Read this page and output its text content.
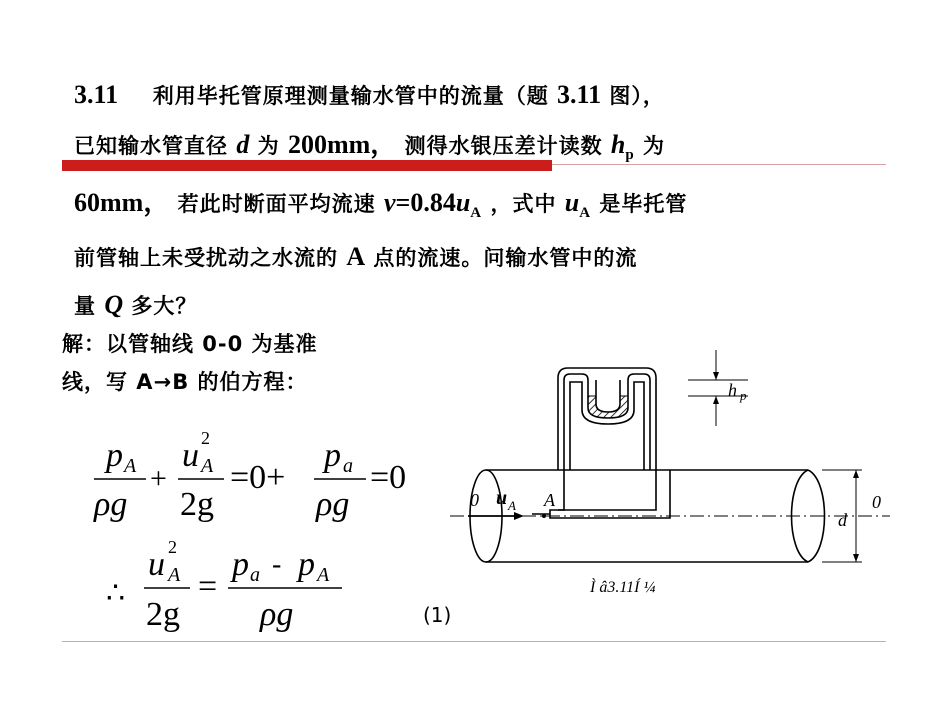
3.11 利用毕托管原理测量输水管中的流量（题 3.11 图），
已知输水管直径 d 为 200mm， 测得水银压差计读数 $h_p$ 为
60mm， 若此时断面平均流速 $v=0.84u_A$ ，式中 $u_A$ 是毕托管
前管轴上未受扰动之水流的 A 点的流速。问输水管中的流
量 Q 多大？
解：以管轴线 0-0 为基准
线，写 A→B 的伯方程：
p A
ρg
+
u 2
A
2g
=0+
p a
ρg
=0
∴
u 2
A
2g
=
p a - p A
ρg	(1)
h p
d
0	0
u A A
Ì â3.11Í ¼
